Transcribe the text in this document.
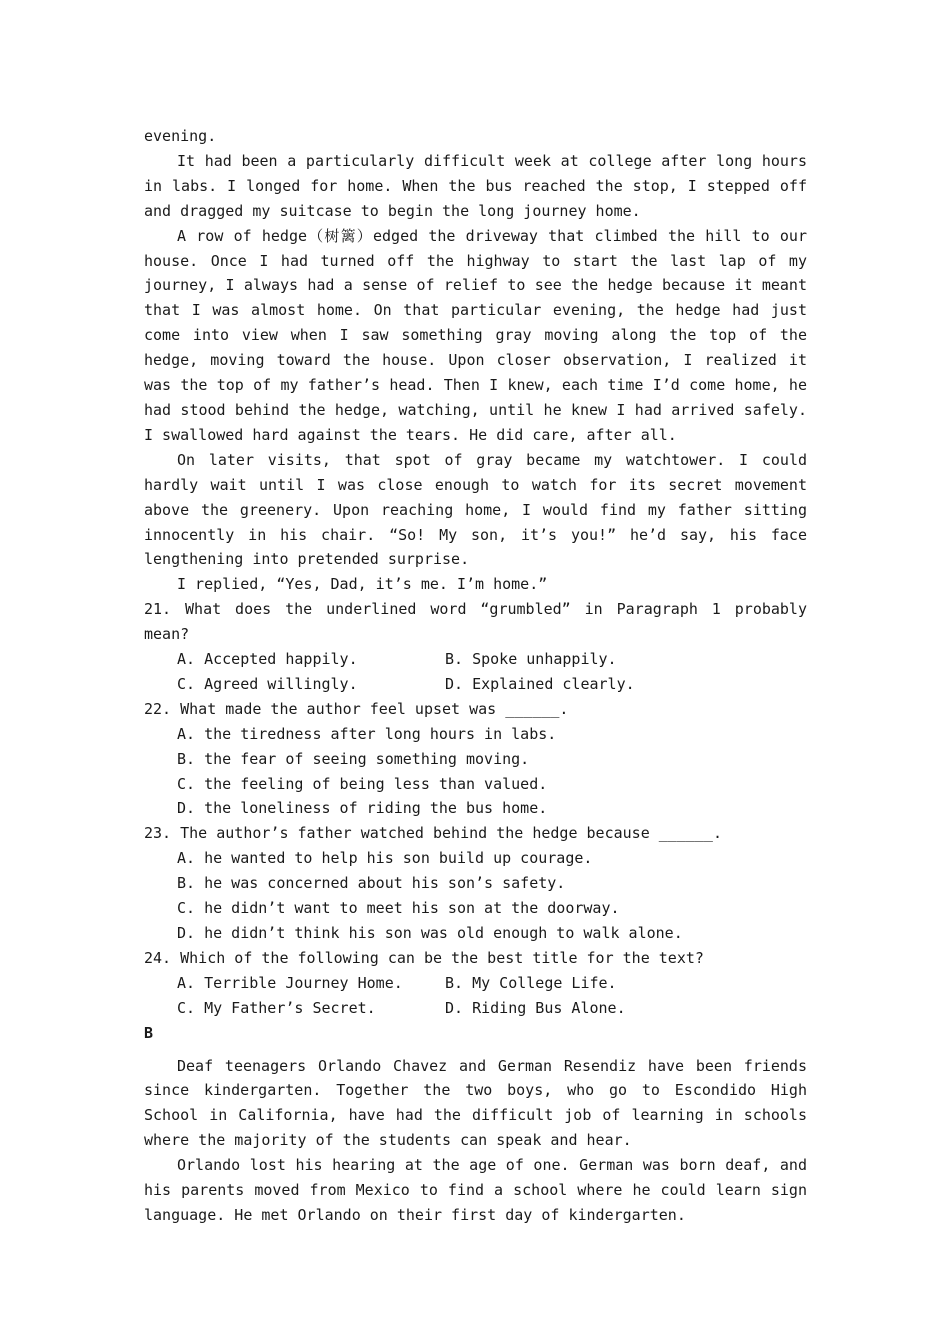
evening.

It had been a particularly difficult week at college after long hours in labs. I longed for home. When the bus reached the stop, I stepped off and dragged my suitcase to begin the long journey home.

A row of hedge（树篱）edged the driveway that climbed the hill to our house. Once I had turned off the highway to start the last lap of my journey, I always had a sense of relief to see the hedge because it meant that I was almost home. On that particular evening, the hedge had just come into view when I saw something gray moving along the top of the hedge, moving toward the house. Upon closer observation, I realized it was the top of my father’s head. Then I knew, each time I’d come home, he had stood behind the hedge, watching, until he knew I had arrived safely. I swallowed hard against the tears. He did care, after all.

On later visits, that spot of gray became my watchtower. I could hardly wait until I was close enough to watch for its secret movement above the greenery. Upon reaching home, I would find my father sitting innocently in his chair. “So! My son, it’s you!” he’d say, his face lengthening into pretended surprise.

I replied, “Yes, Dad, it’s me. I’m home.”

21. What does the underlined word “grumbled” in Paragraph 1 probably mean?

A. Accepted happily.	B. Spoke unhappily.
C. Agreed willingly.	D. Explained clearly.

22. What made the author feel upset was ______.

A. the tiredness after long hours in labs.

B. the fear of seeing something moving.

C. the feeling of being less than valued.

D. the loneliness of riding the bus home.

23. The author’s father watched behind the hedge because ______.

A. he wanted to help his son build up courage.

B. he was concerned about his son’s safety.

C. he didn’t want to meet his son at the doorway.

D. he didn’t think his son was old enough to walk alone.

24. Which of the following can be the best title for the text?

A. Terrible Journey Home.	B. My College Life.
C. My Father’s Secret.	D. Riding Bus Alone.

B

Deaf teenagers Orlando Chavez and German Resendiz have been friends since kindergarten. Together the two boys, who go to Escondido High School in California, have had the difficult job of learning in schools where the majority of the students can speak and hear.

Orlando lost his hearing at the age of one. German was born deaf, and his parents moved from Mexico to find a school where he could learn sign language. He met Orlando on their first day of kindergarten.
